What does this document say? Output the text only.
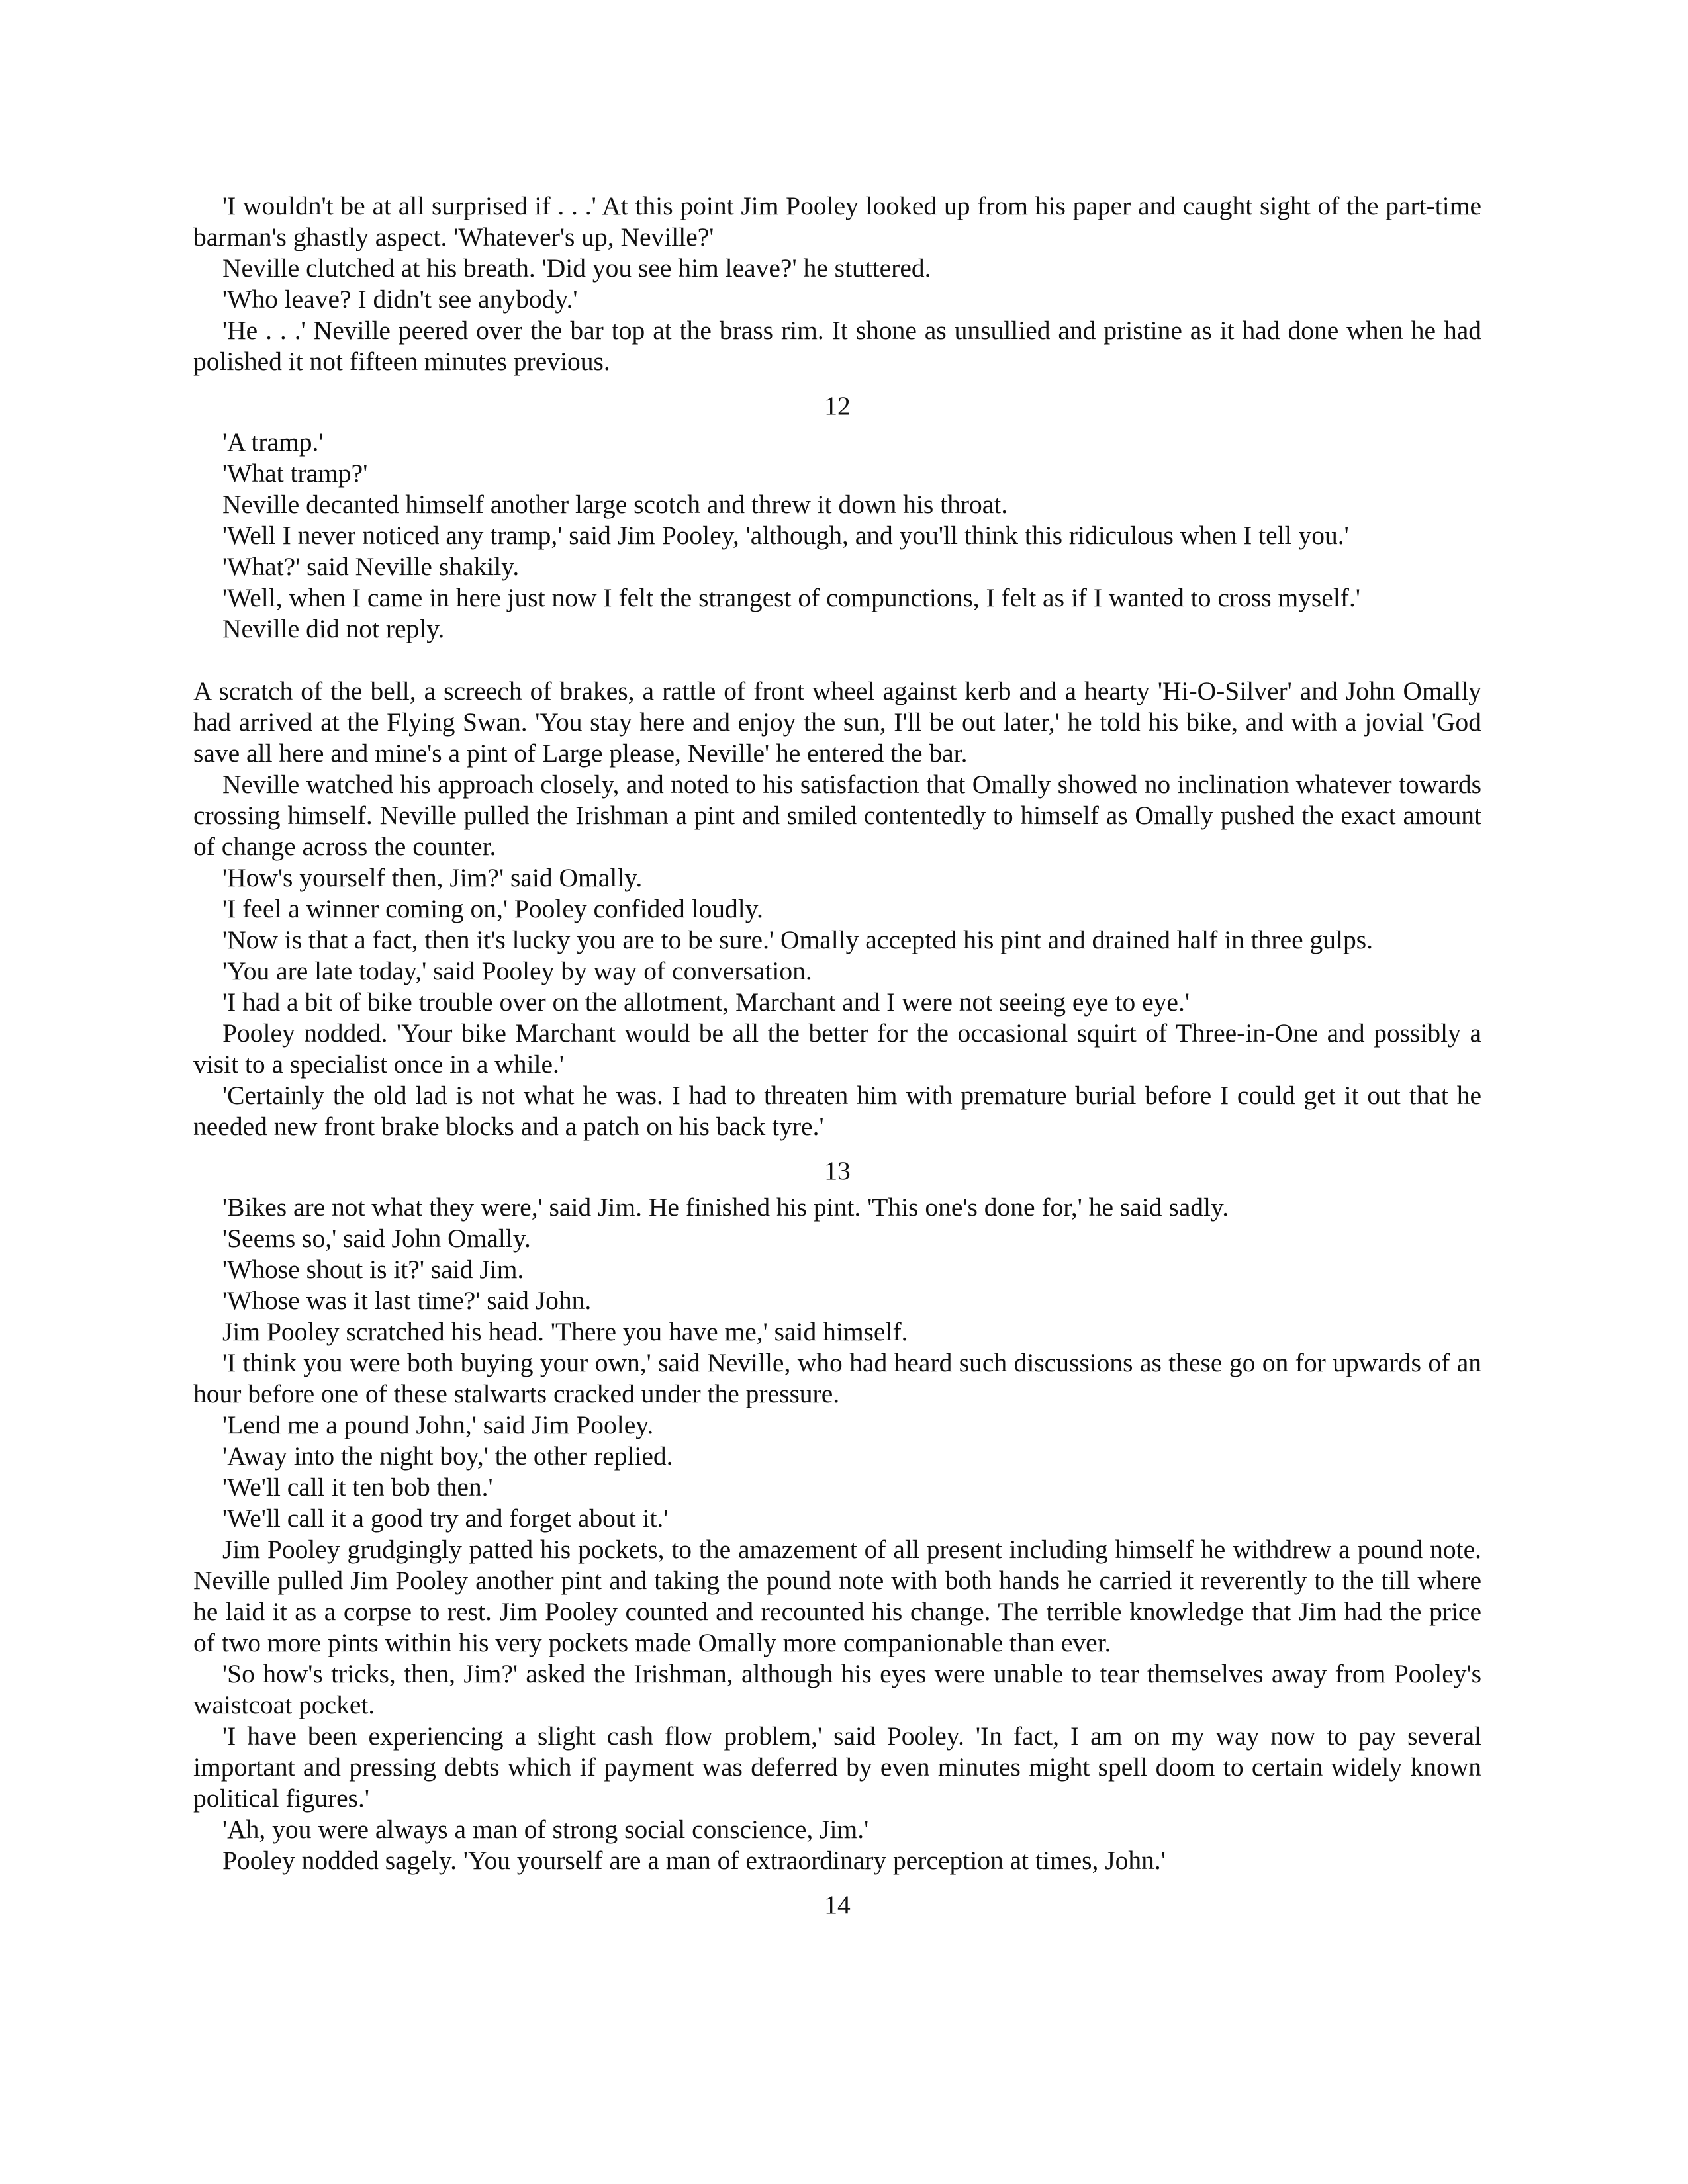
'I wouldn't be at all surprised if . . .' At this point Jim Pooley looked up from his paper and caught sight of the part-time barman's ghastly aspect. 'Whatever's up, Neville?'

Neville clutched at his breath. 'Did you see him leave?' he stuttered.

'Who leave? I didn't see anybody.'

'He . . .' Neville peered over the bar top at the brass rim. It shone as unsullied and pristine as it had done when he had polished it not fifteen minutes previous.

12

'A tramp.'

'What tramp?'

Neville decanted himself another large scotch and threw it down his throat.

'Well I never noticed any tramp,' said Jim Pooley, 'although, and you'll think this ridiculous when I tell you.'

'What?' said Neville shakily.

'Well, when I came in here just now I felt the strangest of compunctions, I felt as if I wanted to cross myself.'

Neville did not reply.

A scratch of the bell, a screech of brakes, a rattle of front wheel against kerb and a hearty 'Hi-O-Silver' and John Omally had arrived at the Flying Swan. 'You stay here and enjoy the sun, I'll be out later,' he told his bike, and with a jovial 'God save all here and mine's a pint of Large please, Neville' he entered the bar.

Neville watched his approach closely, and noted to his satisfaction that Omally showed no inclination whatever towards crossing himself. Neville pulled the Irishman a pint and smiled contentedly to himself as Omally pushed the exact amount of change across the counter.

'How's yourself then, Jim?' said Omally.

'I feel a winner coming on,' Pooley confided loudly.

'Now is that a fact, then it's lucky you are to be sure.' Omally accepted his pint and drained half in three gulps.

'You are late today,' said Pooley by way of conversation.

'I had a bit of bike trouble over on the allotment, Marchant and I were not seeing eye to eye.'

Pooley nodded. 'Your bike Marchant would be all the better for the occasional squirt of Three-in-One and possibly a visit to a specialist once in a while.'

'Certainly the old lad is not what he was. I had to threaten him with premature burial before I could get it out that he needed new front brake blocks and a patch on his back tyre.'

13

'Bikes are not what they were,' said Jim. He finished his pint. 'This one's done for,' he said sadly.

'Seems so,' said John Omally.

'Whose shout is it?' said Jim.

'Whose was it last time?' said John.

Jim Pooley scratched his head. 'There you have me,' said himself.

'I think you were both buying your own,' said Neville, who had heard such discussions as these go on for upwards of an hour before one of these stalwarts cracked under the pressure.

'Lend me a pound John,' said Jim Pooley.

'Away into the night boy,' the other replied.

'We'll call it ten bob then.'

'We'll call it a good try and forget about it.'

Jim Pooley grudgingly patted his pockets, to the amazement of all present including himself he withdrew a pound note. Neville pulled Jim Pooley another pint and taking the pound note with both hands he carried it reverently to the till where he laid it as a corpse to rest. Jim Pooley counted and recounted his change. The terrible knowledge that Jim had the price of two more pints within his very pockets made Omally more companionable than ever.

'So how's tricks, then, Jim?' asked the Irishman, although his eyes were unable to tear themselves away from Pooley's waistcoat pocket.

'I have been experiencing a slight cash flow problem,' said Pooley. 'In fact, I am on my way now to pay several important and pressing debts which if payment was deferred by even minutes might spell doom to certain widely known political figures.'

'Ah, you were always a man of strong social conscience, Jim.'

Pooley nodded sagely. 'You yourself are a man of extraordinary perception at times, John.'

14
